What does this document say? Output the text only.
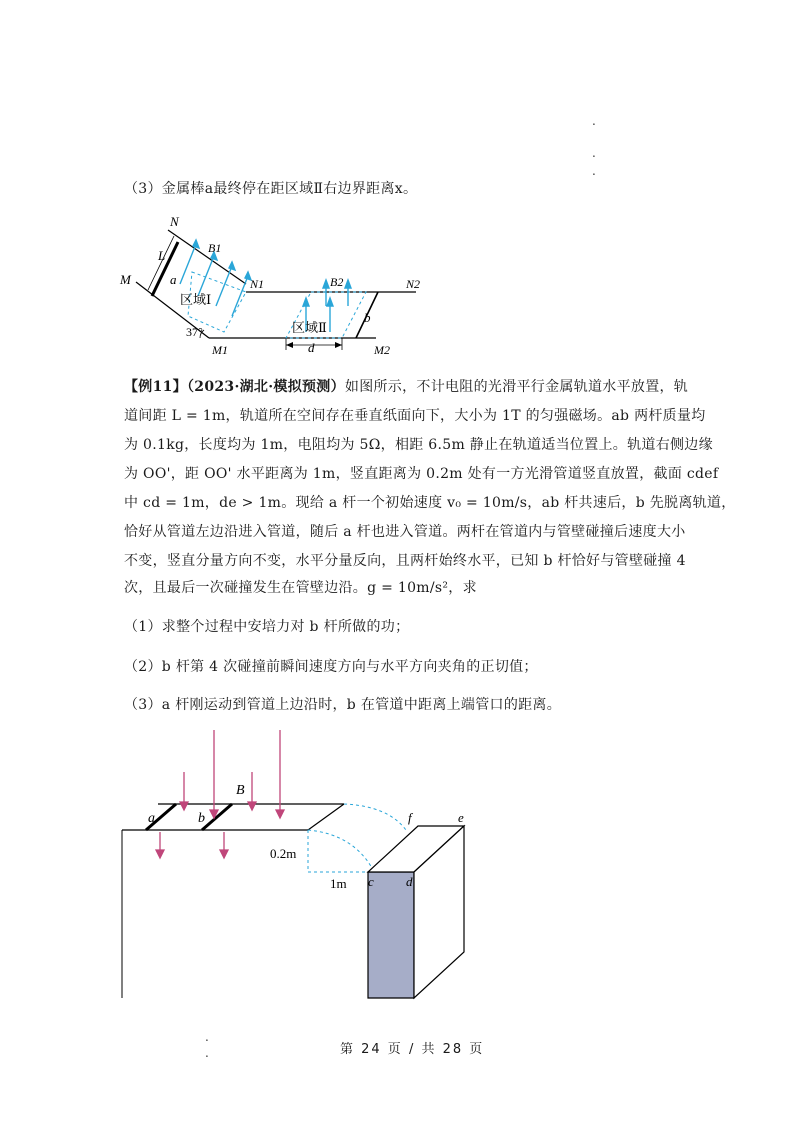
.
.
.
（3）金属棒a最终停在距区域Ⅱ右边界距离x。
N
M
L
a
B1
N1
区域Ⅰ
37°
M1
B2	N2
区域Ⅱ
b
d	M2
【例11】（2023·湖北·模拟预测）如图所示，不计电阻的光滑平行金属轨道水平放置，轨
道间距 L = 1m，轨道所在空间存在垂直纸面向下，大小为 1T 的匀强磁场。ab 两杆质量均
为 0.1kg，长度均为 1m，电阻均为 5Ω，相距 6.5m 静止在轨道适当位置上。轨道右侧边缘
为 OO'，距 OO' 水平距离为 1m，竖直距离为 0.2m 处有一方光滑管道竖直放置，截面 cdef
中 cd = 1m，de > 1m。现给 a 杆一个初始速度 v₀ = 10m/s，ab 杆共速后，b 先脱离轨道，
恰好从管道左边沿进入管道，随后 a 杆也进入管道。两杆在管道内与管壁碰撞后速度大小
不变，竖直分量方向不变，水平分量反向，且两杆始终水平，已知 b 杆恰好与管壁碰撞 4
次，且最后一次碰撞发生在管壁边沿。g = 10m/s²，求
（1）求整个过程中安培力对 b 杆所做的功；
（2）b 杆第 4 次碰撞前瞬间速度方向与水平方向夹角的正切值；
（3）a 杆刚运动到管道上边沿时，b 在管道中距离上端管口的距离。
B
a	b
0.2m
1m c d
e
f
.
.	第 24 页 / 共 28 页
